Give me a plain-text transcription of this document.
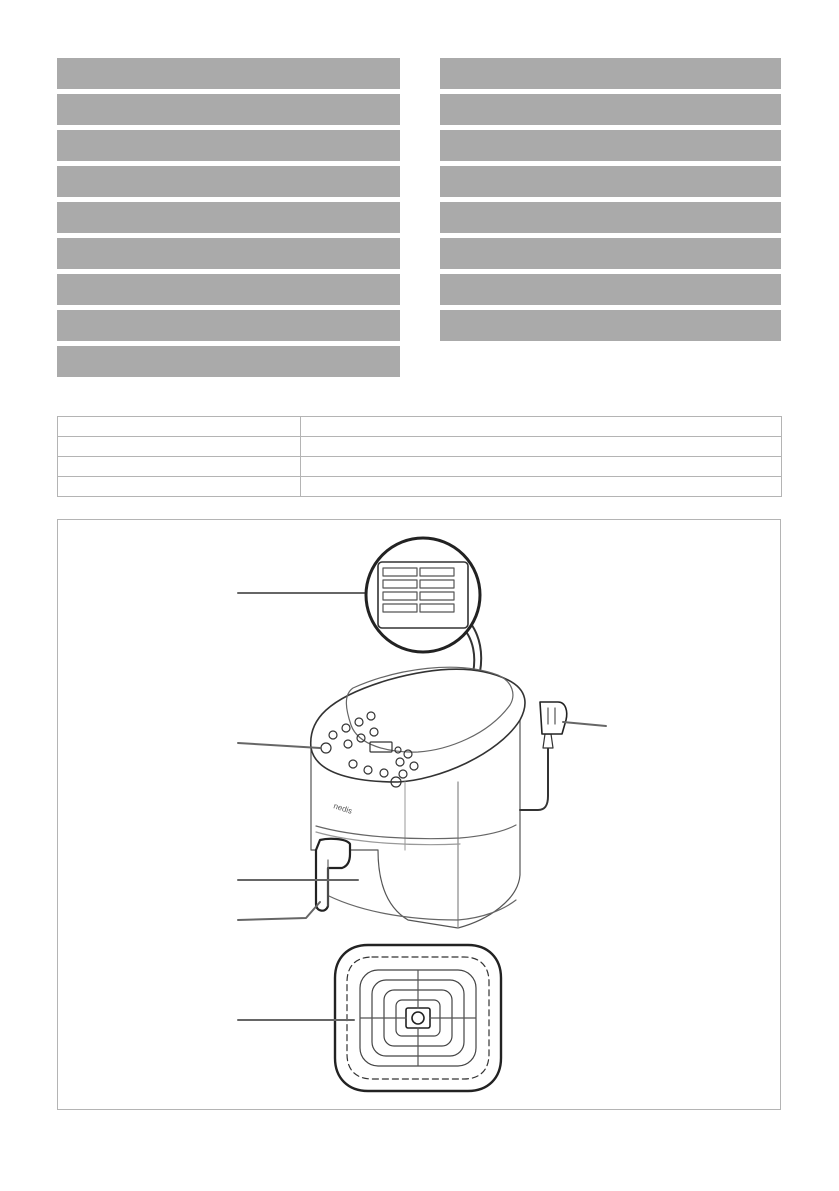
nedis
